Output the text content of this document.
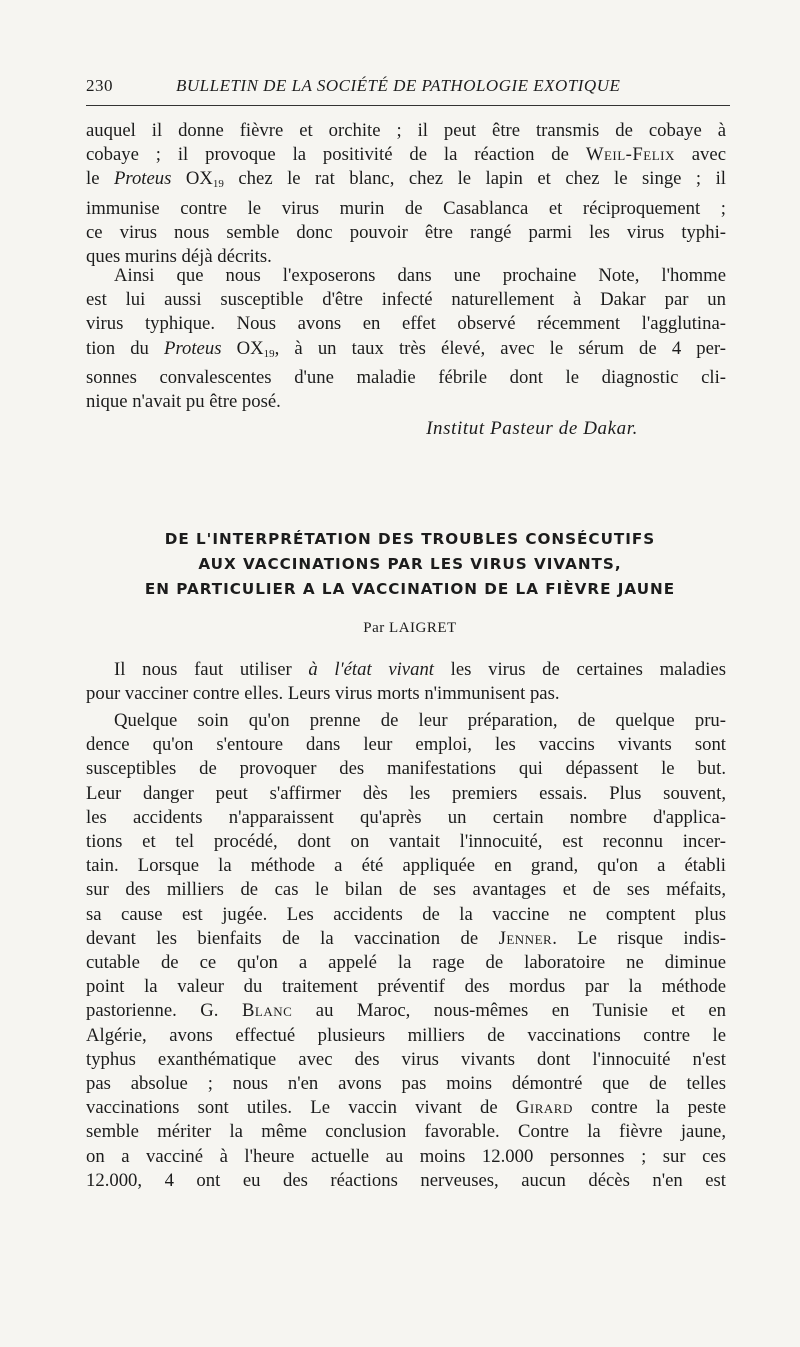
230	BULLETIN DE LA SOCIÉTÉ DE PATHOLOGIE EXOTIQUE
auquel il donne fièvre et orchite ; il peut être transmis de cobaye à
cobaye ; il provoque la positivité de la réaction de Weil-Felix avec
le Proteus $OX_{19}$ chez le rat blanc, chez le lapin et chez le singe ; il
immunise contre le virus murin de Casablanca et réciproquement ;
ce virus nous semble donc pouvoir être rangé parmi les virus typhi-
ques murins déjà décrits.
Ainsi que nous l'exposerons dans une prochaine Note, l'homme
est lui aussi susceptible d'être infecté naturellement à Dakar par un
virus typhique. Nous avons en effet observé récemment l'agglutina-
tion du Proteus $OX_{19}$, à un taux très élevé, avec le sérum de 4 per-
sonnes convalescentes d'une maladie fébrile dont le diagnostic cli-
nique n'avait pu être posé.
Institut Pasteur de Dakar.
DE L'INTERPRÉTATION DES TROUBLES CONSÉCUTIFS
AUX VACCINATIONS PAR LES VIRUS VIVANTS,
EN PARTICULIER A LA VACCINATION DE LA FIÈVRE JAUNE
Par LAIGRET
Il nous faut utiliser à l'état vivant les virus de certaines maladies
pour vacciner contre elles. Leurs virus morts n'immunisent pas.
Quelque soin qu'on prenne de leur préparation, de quelque pru-
dence qu'on s'entoure dans leur emploi, les vaccins vivants sont
susceptibles de provoquer des manifestations qui dépassent le but.
Leur danger peut s'affirmer dès les premiers essais. Plus souvent,
les accidents n'apparaissent qu'après un certain nombre d'applica-
tions et tel procédé, dont on vantait l'innocuité, est reconnu incer-
tain. Lorsque la méthode a été appliquée en grand, qu'on a établi
sur des milliers de cas le bilan de ses avantages et de ses méfaits,
sa cause est jugée. Les accidents de la vaccine ne comptent plus
devant les bienfaits de la vaccination de Jenner. Le risque indis-
cutable de ce qu'on a appelé la rage de laboratoire ne diminue
point la valeur du traitement préventif des mordus par la méthode
pastorienne. G. Blanc au Maroc, nous-mêmes en Tunisie et en
Algérie, avons effectué plusieurs milliers de vaccinations contre le
typhus exanthématique avec des virus vivants dont l'innocuité n'est
pas absolue ; nous n'en avons pas moins démontré que de telles
vaccinations sont utiles. Le vaccin vivant de Girard contre la peste
semble mériter la même conclusion favorable. Contre la fièvre jaune,
on a vacciné à l'heure actuelle au moins 12.000 personnes ; sur ces
12.000, 4 ont eu des réactions nerveuses, aucun décès n'en est
